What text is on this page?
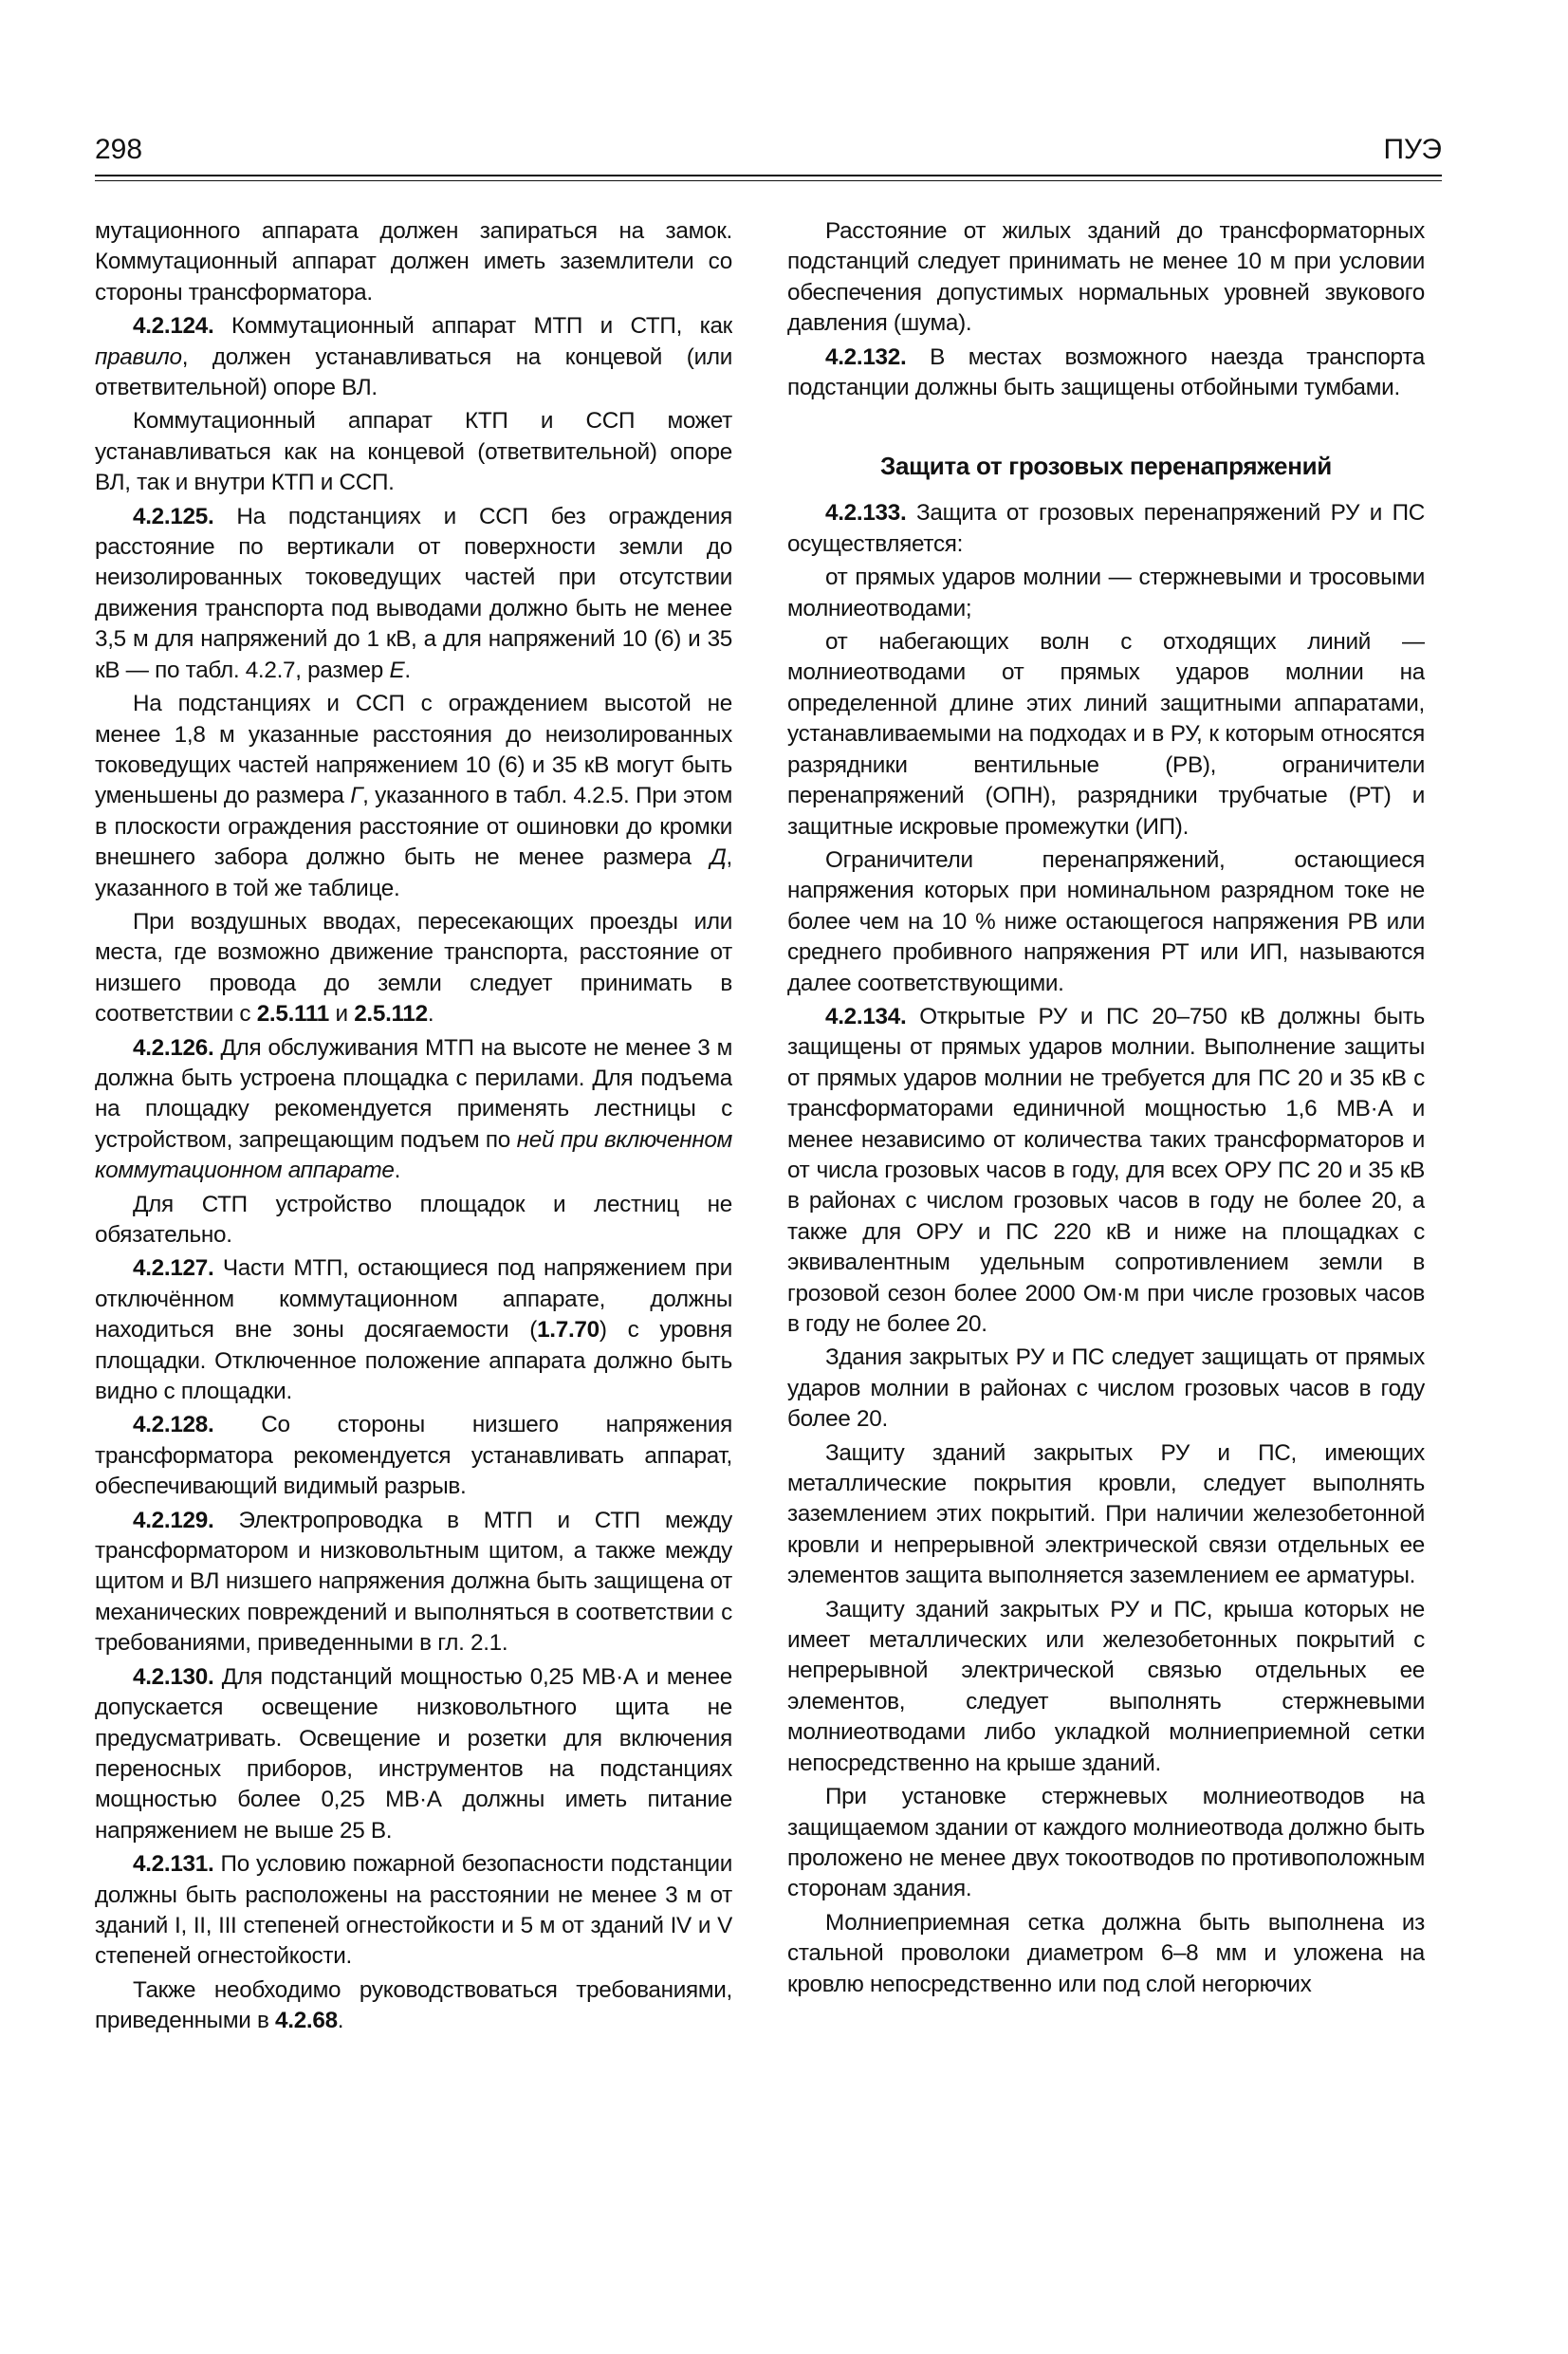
298	ПУЭ

мутационного аппарата должен запираться на замок. Коммутационный аппарат должен иметь заземлители со стороны трансформатора.

4.2.124. Коммутационный аппарат МТП и СТП, как правило, должен устанавливаться на концевой (или ответвительной) опоре ВЛ.

Коммутационный аппарат КТП и ССП может устанавливаться как на концевой (ответвительной) опоре ВЛ, так и внутри КТП и ССП.

4.2.125. На подстанциях и ССП без ограждения расстояние по вертикали от поверхности земли до неизолированных токоведущих частей при отсутствии движения транспорта под выводами должно быть не менее 3,5 м для напряжений до 1 кВ, а для напряжений 10 (6) и 35 кВ — по табл. 4.2.7, размер Е.

На подстанциях и ССП с ограждением высотой не менее 1,8 м указанные расстояния до неизолированных токоведущих частей напряжением 10 (6) и 35 кВ могут быть уменьшены до размера Г, указанного в табл. 4.2.5. При этом в плоскости ограждения расстояние от ошиновки до кромки внешнего забора должно быть не менее размера Д, указанного в той же таблице.

При воздушных вводах, пересекающих проезды или места, где возможно движение транспорта, расстояние от низшего провода до земли следует принимать в соответствии с 2.5.111 и 2.5.112.

4.2.126. Для обслуживания МТП на высоте не менее 3 м должна быть устроена площадка с перилами. Для подъема на площадку рекомендуется применять лестницы с устройством, запрещающим подъем по ней при включенном коммутационном аппарате.

Для СТП устройство площадок и лестниц не обязательно.

4.2.127. Части МТП, остающиеся под напряжением при отключённом коммутационном аппарате, должны находиться вне зоны досягаемости (1.7.70) с уровня площадки. Отключенное положение аппарата должно быть видно с площадки.

4.2.128. Со стороны низшего напряжения трансформатора рекомендуется устанавливать аппарат, обеспечивающий видимый разрыв.

4.2.129. Электропроводка в МТП и СТП между трансформатором и низковольтным щитом, а также между щитом и ВЛ низшего напряжения должна быть защищена от механических повреждений и выполняться в соответствии с требованиями, приведенными в гл. 2.1.

4.2.130. Для подстанций мощностью 0,25 МВ·А и менее допускается освещение низковольтного щита не предусматривать. Освещение и розетки для включения переносных приборов, инструментов на подстанциях мощностью более 0,25 МВ·А должны иметь питание напряжением не выше 25 В.

4.2.131. По условию пожарной безопасности подстанции должны быть расположены на расстоянии не менее 3 м от зданий I, II, III степеней огнестойкости и 5 м от зданий IV и V степеней огнестойкости.

Также необходимо руководствоваться требованиями, приведенными в 4.2.68.

Расстояние от жилых зданий до трансформаторных подстанций следует принимать не менее 10 м при условии обеспечения допустимых нормальных уровней звукового давления (шума).

4.2.132. В местах возможного наезда транспорта подстанции должны быть защищены отбойными тумбами.

Защита от грозовых перенапряжений

4.2.133. Защита от грозовых перенапряжений РУ и ПС осуществляется:

от прямых ударов молнии — стержневыми и тросовыми молниеотводами;

от набегающих волн с отходящих линий — молниеотводами от прямых ударов молнии на определенной длине этих линий защитными аппаратами, устанавливаемыми на подходах и в РУ, к которым относятся разрядники вентильные (РВ), ограничители перенапряжений (ОПН), разрядники трубчатые (РТ) и защитные искровые промежутки (ИП).

Ограничители перенапряжений, остающиеся напряжения которых при номинальном разрядном токе не более чем на 10 % ниже остающегося напряжения РВ или среднего пробивного напряжения РТ или ИП, называются далее соответствующими.

4.2.134. Открытые РУ и ПС 20–750 кВ должны быть защищены от прямых ударов молнии. Выполнение защиты от прямых ударов молнии не требуется для ПС 20 и 35 кВ с трансформаторами единичной мощностью 1,6 МВ·А и менее независимо от количества таких трансформаторов и от числа грозовых часов в году, для всех ОРУ ПС 20 и 35 кВ в районах с числом грозовых часов в году не более 20, а также для ОРУ и ПС 220 кВ и ниже на площадках с эквивалентным удельным сопротивлением земли в грозовой сезон более 2000 Ом·м при числе грозовых часов в году не более 20.

Здания закрытых РУ и ПС следует защищать от прямых ударов молнии в районах с числом грозовых часов в году более 20.

Защиту зданий закрытых РУ и ПС, имеющих металлические покрытия кровли, следует выполнять заземлением этих покрытий. При наличии железобетонной кровли и непрерывной электрической связи отдельных ее элементов защита выполняется заземлением ее арматуры.

Защиту зданий закрытых РУ и ПС, крыша которых не имеет металлических или железобетонных покрытий с непрерывной электрической связью отдельных ее элементов, следует выполнять стержневыми молниеотводами либо укладкой молниеприемной сетки непосредственно на крыше зданий.

При установке стержневых молниеотводов на защищаемом здании от каждого молниеотвода должно быть проложено не менее двух токоотводов по противоположным сторонам здания.

Молниеприемная сетка должна быть выполнена из стальной проволоки диаметром 6–8 мм и уложена на кровлю непосредственно или под слой негорючих
